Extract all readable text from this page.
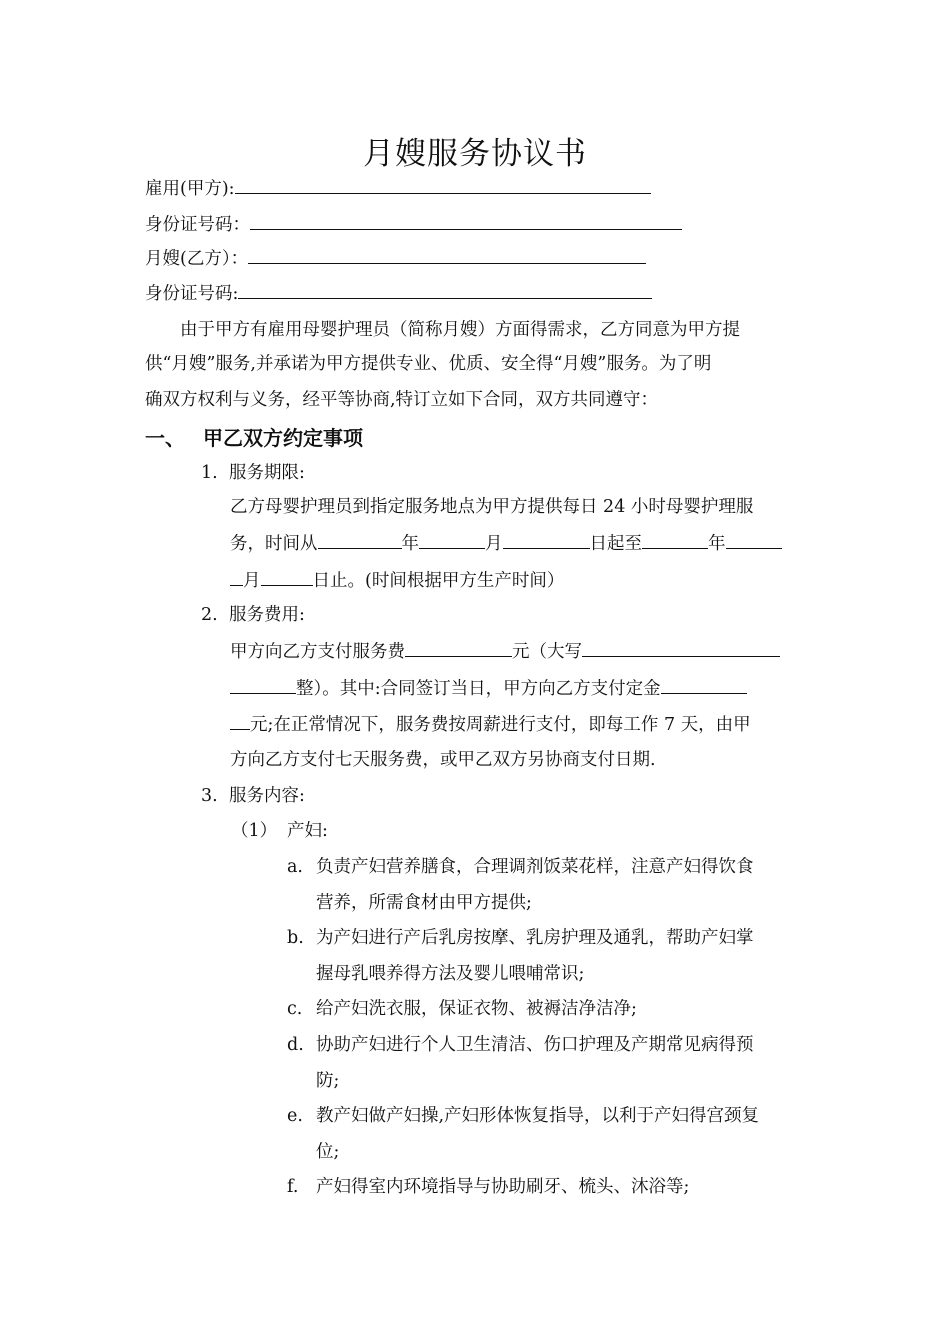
月嫂服务协议书
雇用(甲方):
身份证号码：
月嫂(乙方）：
身份证号码:
由于甲方有雇用母婴护理员（简称月嫂）方面得需求，乙方同意为甲方提
供“月嫂”服务,并承诺为甲方提供专业、优质、安全得“月嫂”服务。为了明
确双方权利与义务，经平等协商,特订立如下合同，双方共同遵守：
一、 甲乙双方约定事项
1. 服务期限:
乙方母婴护理员到指定服务地点为甲方提供每日 24 小时母婴护理服
务，时间从	年	月	日起至	年
月	日止。(时间根据甲方生产时间）
2. 服务费用:
甲方向乙方支付服务费	元（大写
整）。其中:合同签订当日，甲方向乙方支付定金
元;在正常情况下，服务费按周薪进行支付，即每工作 7 天，由甲
方向乙方支付七天服务费，或甲乙双方另协商支付日期.
3. 服务内容:
（1） 产妇:
a. 负责产妇营养膳食，合理调剂饭菜花样，注意产妇得饮食
营养，所需食材由甲方提供;
b. 为产妇进行产后乳房按摩、乳房护理及通乳，帮助产妇掌
握母乳喂养得方法及婴儿喂哺常识;
c. 给产妇洗衣服，保证衣物、被褥洁净洁净;
d. 协助产妇进行个人卫生清洁、伤口护理及产期常见病得预
防;
e. 教产妇做产妇操,产妇形体恢复指导，以利于产妇得宫颈复
位;
f. 产妇得室内环境指导与协助刷牙、梳头、沐浴等;
